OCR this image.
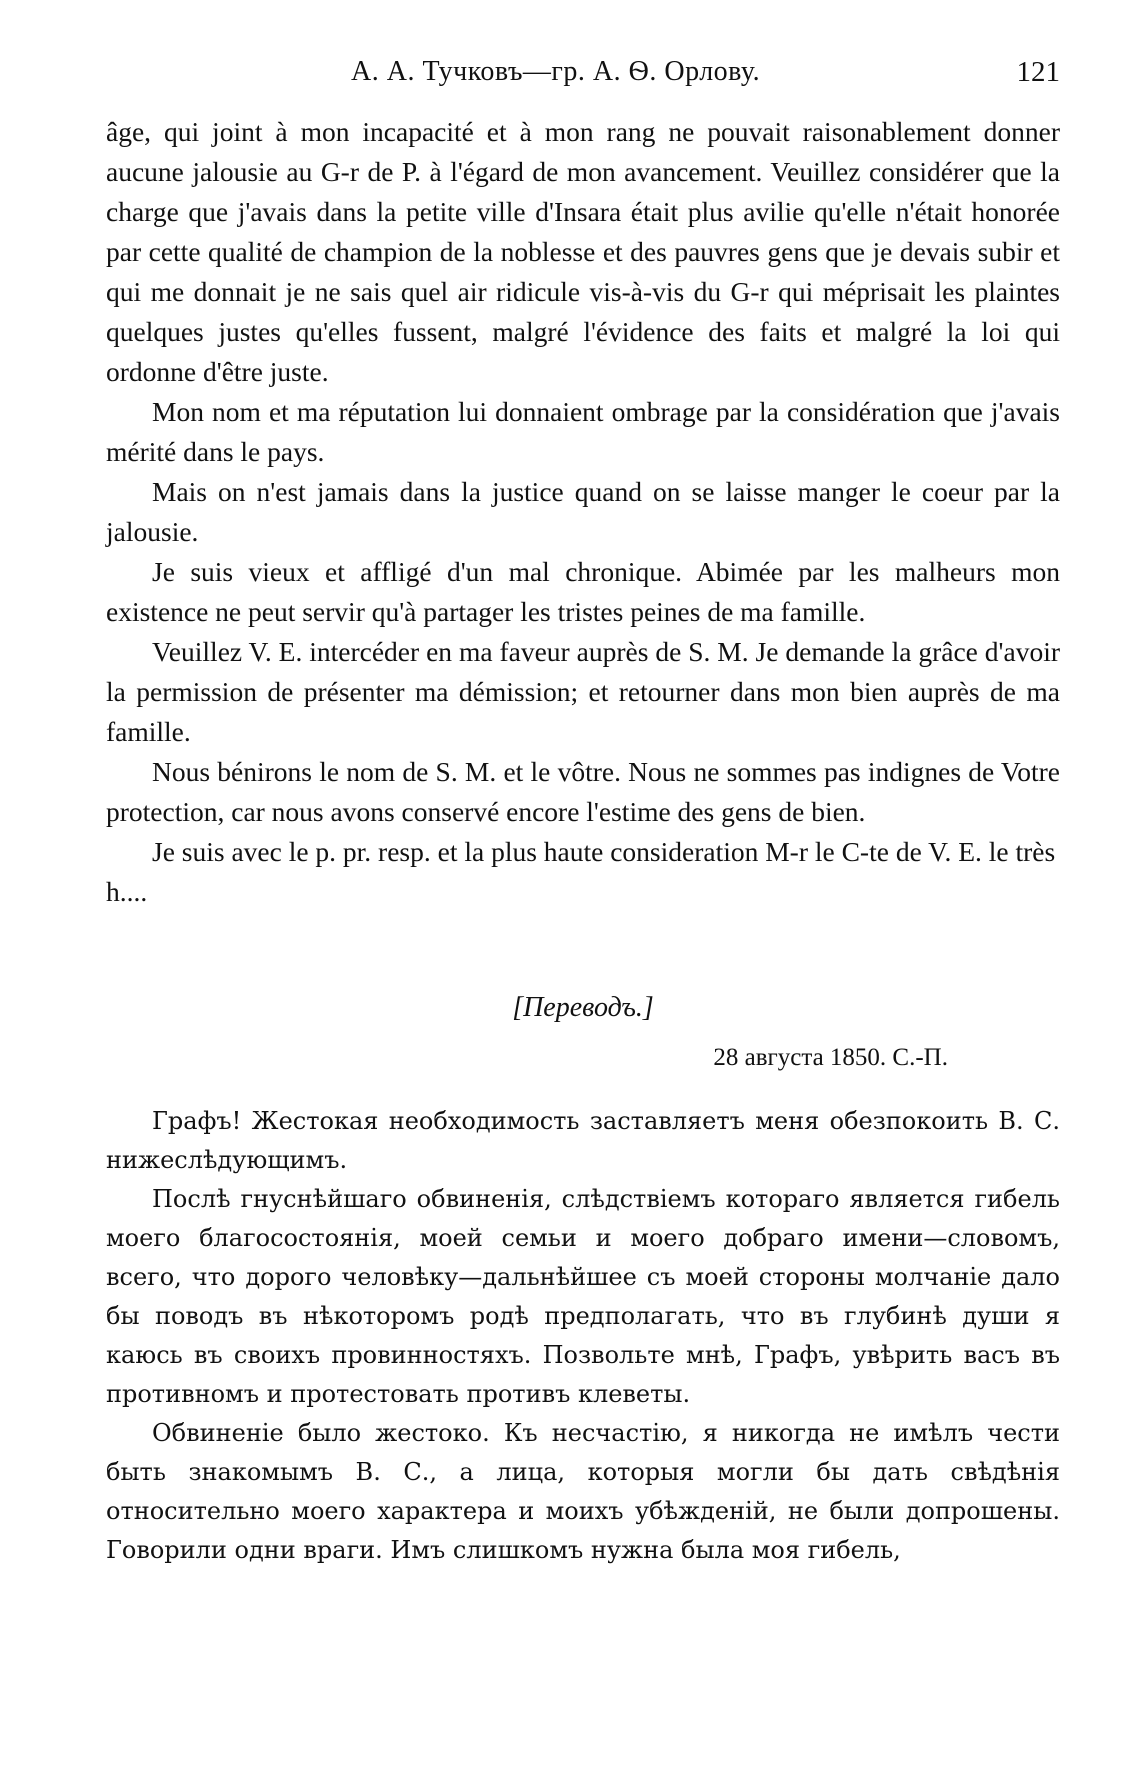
А. А. Тучковъ—гр. А. Ѳ. Орлову.	121

âge, qui joint à mon incapacité et à mon rang ne pouvait raisonablement donner aucune jalousie au G-r de P. à l'égard de mon avancement. Veuillez considérer que la charge que j'avais dans la petite ville d'Insara était plus avilie qu'elle n'était honorée par cette qualité de champion de la noblesse et des pauvres gens que je devais subir et qui me donnait je ne sais quel air ridicule vis-à-vis du G-r qui méprisait les plaintes quelques justes qu'elles fussent, malgré l'évidence des faits et malgré la loi qui ordonne d'être juste.

Mon nom et ma réputation lui donnaient ombrage par la considération que j'avais mérité dans le pays.

Mais on n'est jamais dans la justice quand on se laisse manger le coeur par la jalousie.

Je suis vieux et affligé d'un mal chronique. Abimée par les malheurs mon existence ne peut servir qu'à partager les tristes peines de ma famille.

Veuillez V. E. intercéder en ma faveur auprès de S. M. Je demande la grâce d'avoir la permission de présenter ma démission; et retourner dans mon bien auprès de ma famille.

Nous bénirons le nom de S. M. et le vôtre. Nous ne sommes pas indignes de Votre protection, car nous avons conservé encore l'estime des gens de bien.

Je suis avec le p. pr. resp. et la plus haute consideration M-r le C-te de V. E. le très h....

[Переводъ.]
28 августа 1850. С.-П.

Графъ! Жестокая необходимость заставляетъ меня обезпокоить В. С. нижеслѣдующимъ.

Послѣ гнуснѣйшаго обвиненія, слѣдствіемъ котораго является гибель моего благосостоянія, моей семьи и моего добраго имени—словомъ, всего, что дорого человѣку—дальнѣйшее съ моей стороны молчаніе дало бы поводъ въ нѣкоторомъ родѣ предполагать, что въ глубинѣ души я каюсь въ своихъ провинностяхъ. Позвольте мнѣ, Графъ, увѣрить васъ въ противномъ и протестовать противъ клеветы.

Обвиненіе было жестоко. Къ несчастію, я никогда не имѣлъ чести быть знакомымъ В. С., а лица, которыя могли бы дать свѣдѣнія относительно моего характера и моихъ убѣжденій, не были допрошены. Говорили одни враги. Имъ слишкомъ нужна была моя гибель,
